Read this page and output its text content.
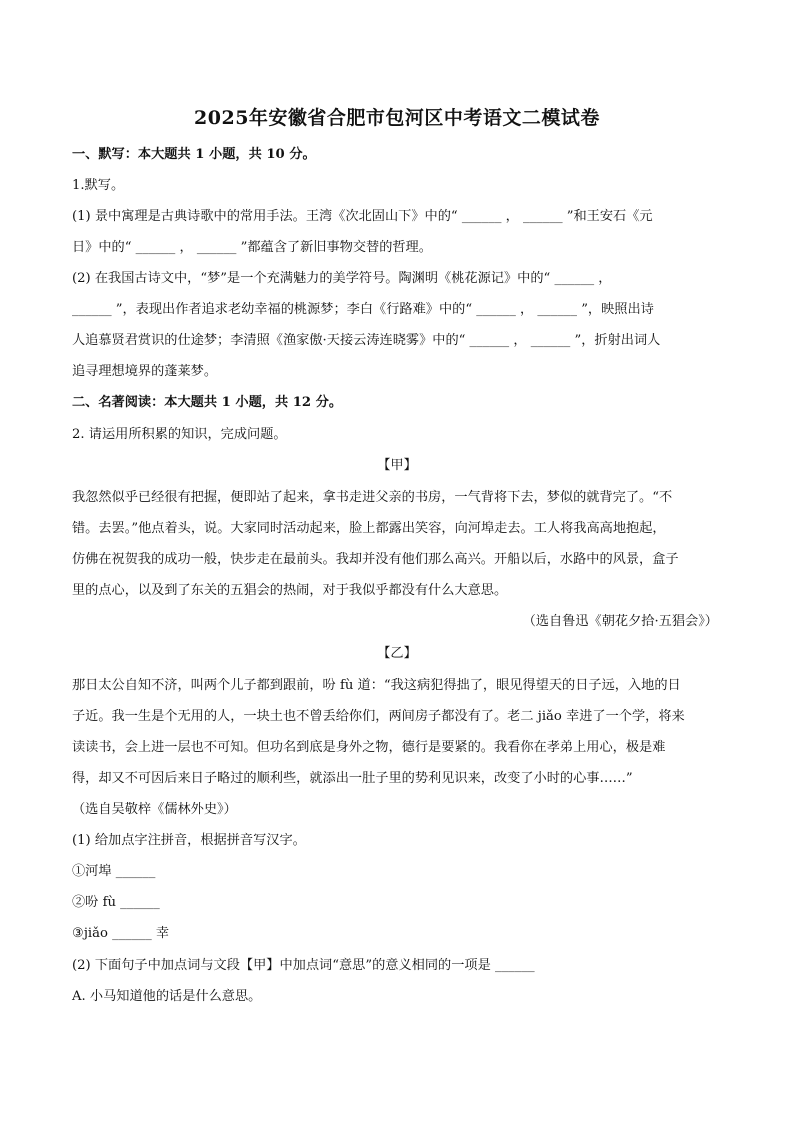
2025年安徽省合肥市包河区中考语文二模试卷
一、默写：本大题共 1 小题，共 10 分。
1.默写。
(1) 景中寓理是古典诗歌中的常用手法。王湾《次北固山下》中的“ ______ ， ______ ”和王安石《元
日》中的“ ______ ， ______ ”都蕴含了新旧事物交替的哲理。
(2) 在我国古诗文中，“梦”是一个充满魅力的美学符号。陶渊明《桃花源记》中的“ ______ ，
______ ”，表现出作者追求老幼幸福的桃源梦；李白《行路难》中的“ ______ ， ______ ”，映照出诗
人追慕贤君赏识的仕途梦；李清照《渔家傲·天接云涛连晓雾》中的“ ______ ， ______ ”，折射出词人
追寻理想境界的蓬莱梦。
二、名著阅读：本大题共 1 小题，共 12 分。
2. 请运用所积累的知识，完成问题。
【甲】
我忽然似乎已经很有把握，便即站了起来，拿书走进父亲的书房，一气背将下去，梦似的就背完了。“不
错。去罢。”他点着头，说。大家同时活动起来，脸上都露出笑容，向河埠走去。工人将我高高地抱起，
仿佛在祝贺我的成功一般，快步走在最前头。我却并没有他们那么高兴。开船以后，水路中的风景，盒子
里的点心，以及到了东关的五猖会的热闹，对于我似乎都没有什么大意思。
（选自鲁迅《朝花夕拾·五猖会》）
【乙】
那日太公自知不济，叫两个儿子都到跟前，吩 fù 道：“我这病犯得拙了，眼见得望天的日子远，入地的日
子近。我一生是个无用的人，一块土也不曾丢给你们，两间房子都没有了。老二 jiǎo 幸进了一个学，将来
读读书，会上进一层也不可知。但功名到底是身外之物，德行是要紧的。我看你在孝弟上用心，极是难
得，却又不可因后来日子略过的顺利些，就添出一肚子里的势利见识来，改变了小时的心事……”
（选自吴敬梓《儒林外史》）
(1) 给加点字注拼音，根据拼音写汉字。
①河埠 ______
②吩 fù ______
③jiǎo ______ 幸
(2) 下面句子中加点词与文段【甲】中加点词“意思”的意义相同的一项是 ______
A. 小马知道他的话是什么意思。
